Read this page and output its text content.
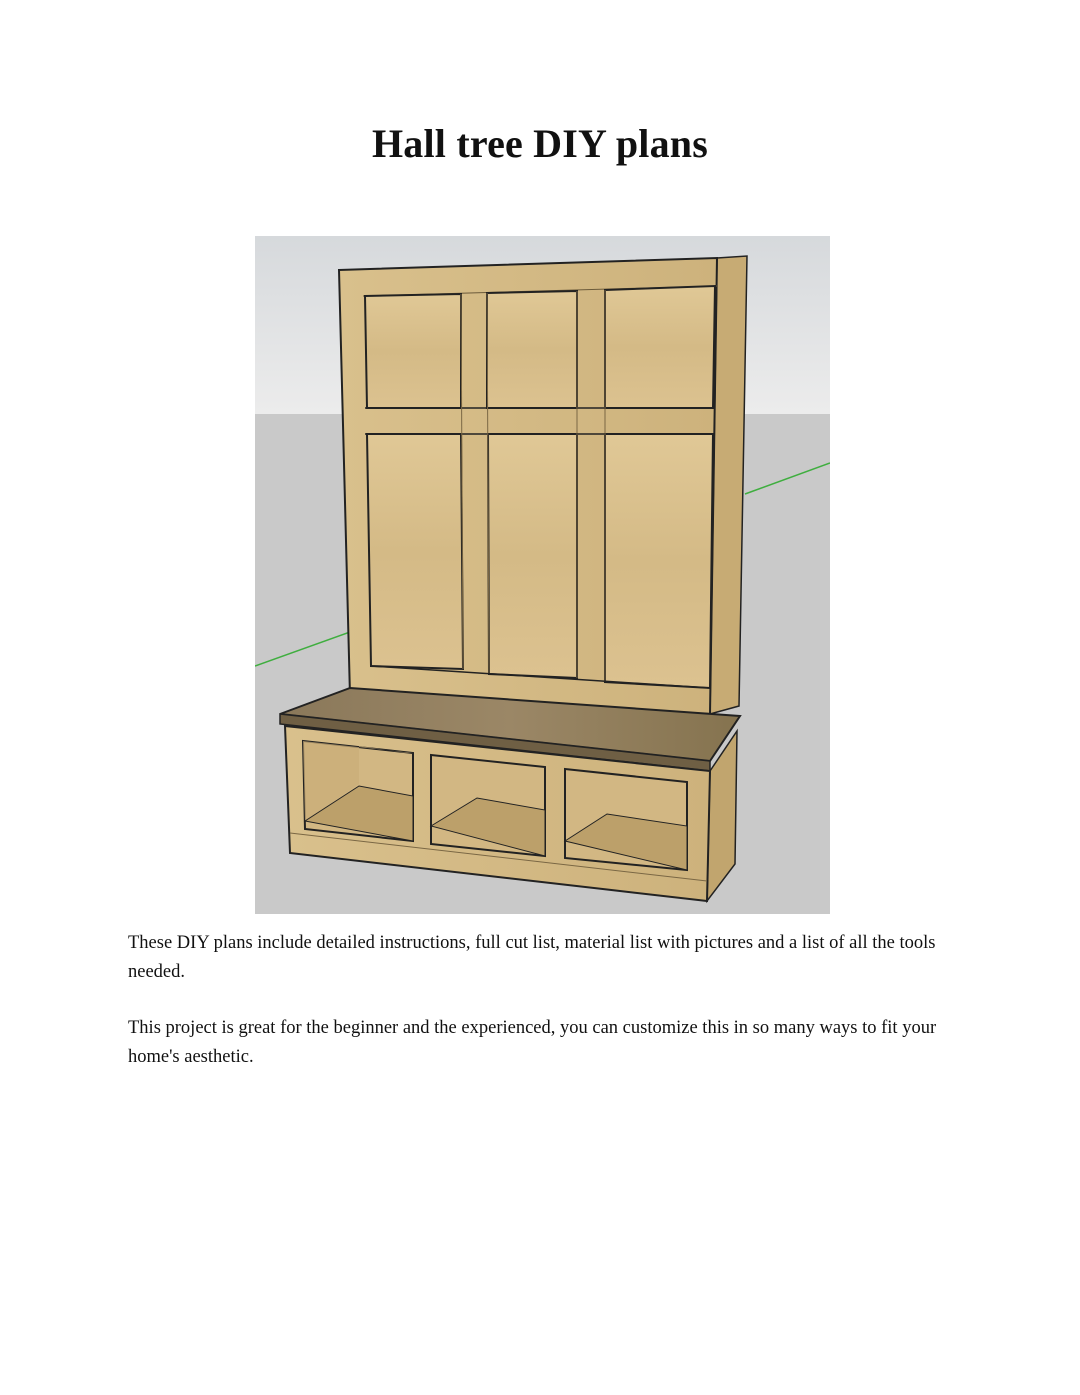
Hall tree DIY plans

These DIY plans include detailed instructions, full cut list, material list with pictures and a list of all the tools needed.

This project is great for the beginner and the experienced, you can customize this in so many ways to fit your home's aesthetic.
